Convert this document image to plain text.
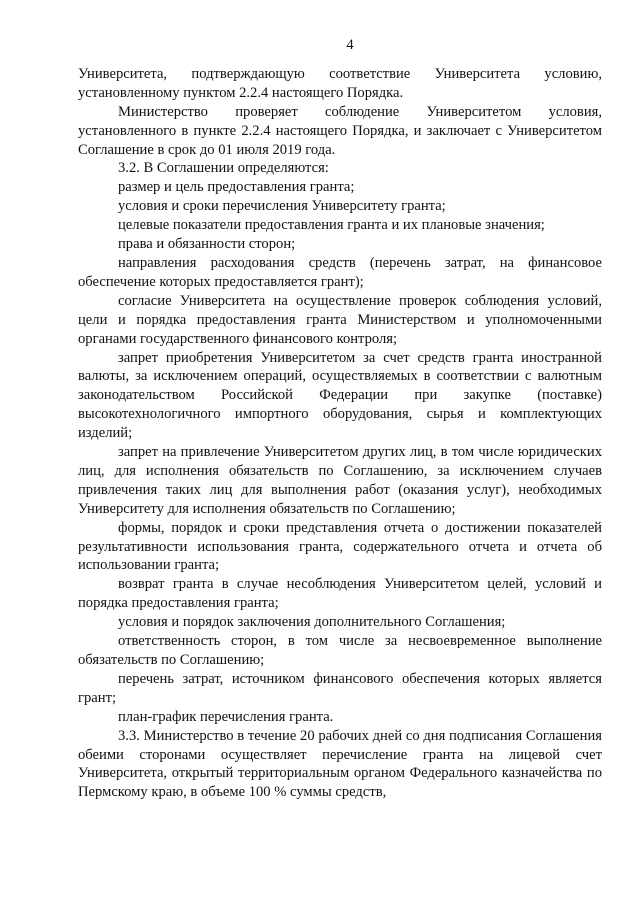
4

Университета, подтверждающую соответствие Университета условию, установленному пунктом 2.2.4 настоящего Порядка.

Министерство проверяет соблюдение Университетом условия, установленного в пункте 2.2.4 настоящего Порядка, и заключает с Университетом Соглашение в срок до 01 июля 2019 года.

3.2. В Соглашении определяются:

размер и цель предоставления гранта;

условия и сроки перечисления Университету гранта;

целевые показатели предоставления гранта и их плановые значения;

права и обязанности сторон;

направления расходования средств (перечень затрат, на финансовое обеспечение которых предоставляется грант);

согласие Университета на осуществление проверок соблюдения условий, цели и порядка предоставления гранта Министерством и уполномоченными органами государственного финансового контроля;

запрет приобретения Университетом за счет средств гранта иностранной валюты, за исключением операций, осуществляемых в соответствии с валютным законодательством Российской Федерации при закупке (поставке) высокотехнологичного импортного оборудования, сырья и комплектующих изделий;

запрет на привлечение Университетом других лиц, в том числе юридических лиц, для исполнения обязательств по Соглашению, за исключением случаев привлечения таких лиц для выполнения работ (оказания услуг), необходимых Университету для исполнения обязательств по Соглашению;

формы, порядок и сроки представления отчета о достижении показателей результативности использования гранта, содержательного отчета и отчета об использовании гранта;

возврат гранта в случае несоблюдения Университетом целей, условий и порядка предоставления гранта;

условия и порядок заключения дополнительного Соглашения;

ответственность сторон, в том числе за несвоевременное выполнение обязательств по Соглашению;

перечень затрат, источником финансового обеспечения которых является грант;

план-график перечисления гранта.

3.3. Министерство в течение 20 рабочих дней со дня подписания Соглашения обеими сторонами осуществляет перечисление гранта на лицевой счет Университета, открытый территориальным органом Федерального казначейства по Пермскому краю, в объеме 100 % суммы средств,
